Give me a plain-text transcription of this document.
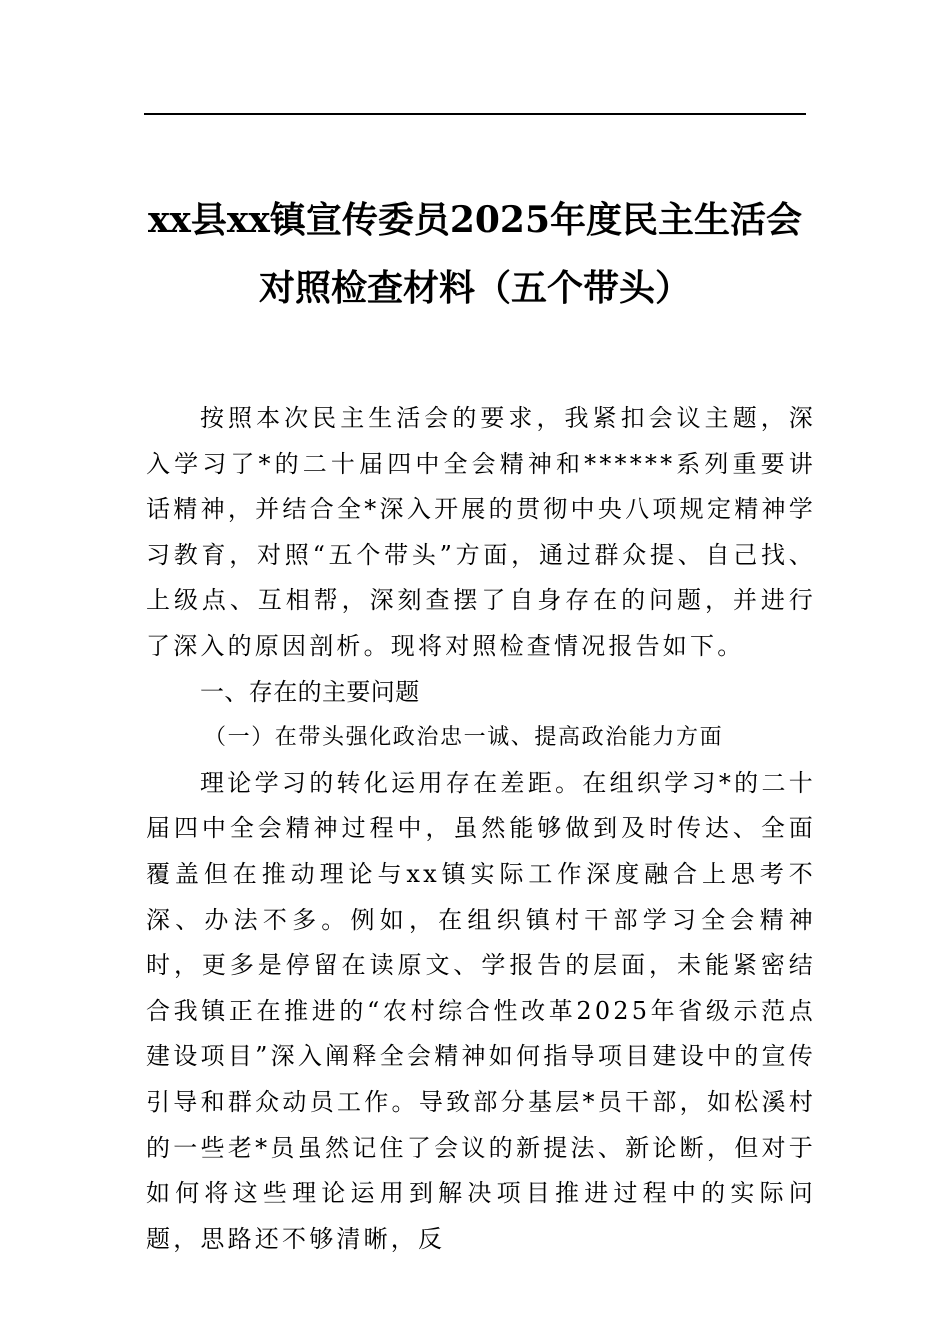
xx县xx镇宣传委员2025年度民主生活会
对照检查材料（五个带头）

按照本次民主生活会的要求，我紧扣会议主题，深入学习了*的二十届四中全会精神和******系列重要讲话精神，并结合全*深入开展的贯彻中央八项规定精神学习教育，对照“五个带头”方面，通过群众提、自己找、上级点、互相帮，深刻查摆了自身存在的问题，并进行了深入的原因剖析。现将对照检查情况报告如下。

一、存在的主要问题

（一）在带头强化政治忠一诚、提高政治能力方面

理论学习的转化运用存在差距。在组织学习*的二十届四中全会精神过程中，虽然能够做到及时传达、全面覆盖但在推动理论与xx镇实际工作深度融合上思考不深、办法不多。例如，在组织镇村干部学习全会精神时，更多是停留在读原文、学报告的层面，未能紧密结合我镇正在推进的“农村综合性改革2025年省级示范点建设项目”深入阐释全会精神如何指导项目建设中的宣传引导和群众动员工作。导致部分基层*员干部，如松溪村的一些老*员虽然记住了会议的新提法、新论断，但对于如何将这些理论运用到解决项目推进过程中的实际问题，思路还不够清晰，反
